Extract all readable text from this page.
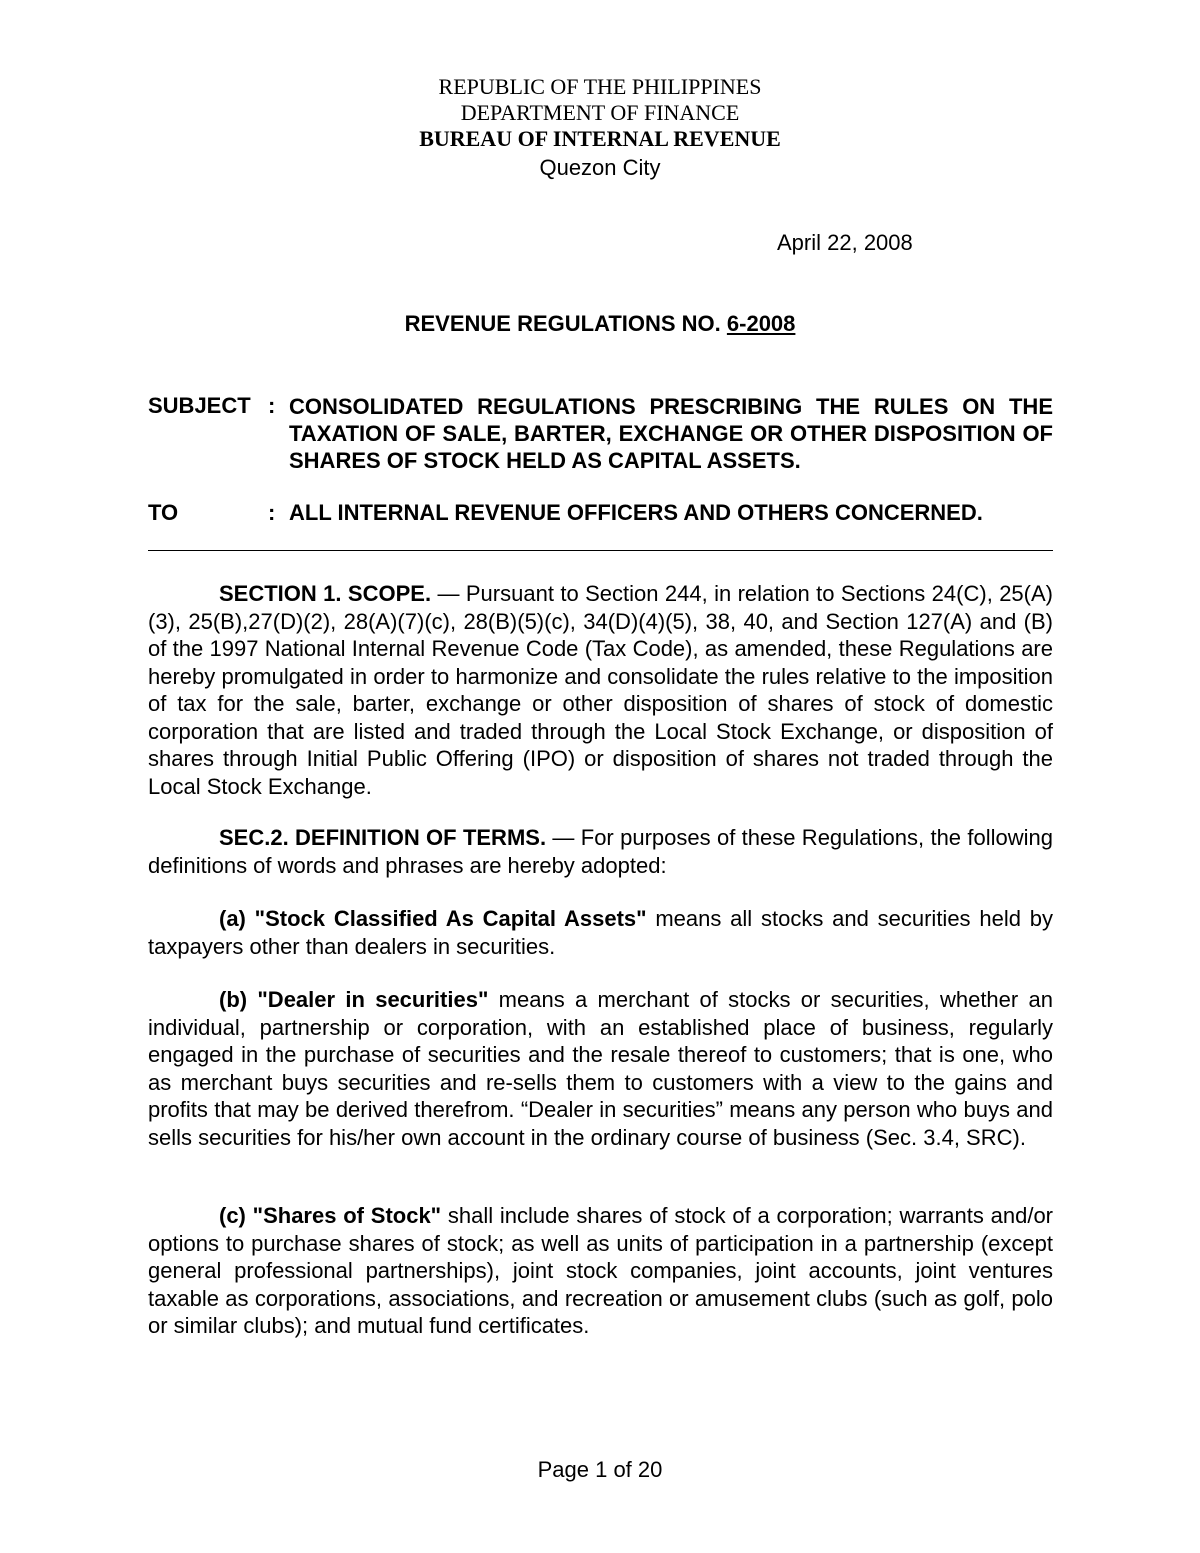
REPUBLIC OF THE PHILIPPINES
DEPARTMENT OF FINANCE
BUREAU OF INTERNAL REVENUE
Quezon City
April 22, 2008
REVENUE REGULATIONS NO. 6-2008
SUBJECT : CONSOLIDATED REGULATIONS PRESCRIBING THE RULES ON THE TAXATION OF SALE, BARTER, EXCHANGE OR OTHER DISPOSITION OF SHARES OF STOCK HELD AS CAPITAL ASSETS.
TO	: ALL INTERNAL REVENUE OFFICERS AND OTHERS CONCERNED.

SECTION 1. SCOPE. — Pursuant to Section 244, in relation to Sections 24(C), 25(A)(3), 25(B),27(D)(2), 28(A)(7)(c), 28(B)(5)(c), 34(D)(4)(5), 38, 40, and Section 127(A) and (B) of the 1997 National Internal Revenue Code (Tax Code), as amended, these Regulations are hereby promulgated in order to harmonize and consolidate the rules relative to the imposition of tax for the sale, barter, exchange or other disposition of shares of stock of domestic corporation that are listed and traded through the Local Stock Exchange, or disposition of shares through Initial Public Offering (IPO) or disposition of shares not traded through the Local Stock Exchange.

SEC.2. DEFINITION OF TERMS. — For purposes of these Regulations, the following definitions of words and phrases are hereby adopted:

(a) "Stock Classified As Capital Assets" means all stocks and securities held by taxpayers other than dealers in securities.

(b) "Dealer in securities" means a merchant of stocks or securities, whether an individual, partnership or corporation, with an established place of business, regularly engaged in the purchase of securities and the resale thereof to customers; that is one, who as merchant buys securities and re-sells them to customers with a view to the gains and profits that may be derived therefrom. “Dealer in securities” means any person who buys and sells securities for his/her own account in the ordinary course of business (Sec. 3.4, SRC).

(c) "Shares of Stock" shall include shares of stock of a corporation; warrants and/or options to purchase shares of stock; as well as units of participation in a partnership (except general professional partnerships), joint stock companies, joint accounts, joint ventures taxable as corporations, associations, and recreation or amusement clubs (such as golf, polo or similar clubs); and mutual fund certificates.

Page 1 of 20
